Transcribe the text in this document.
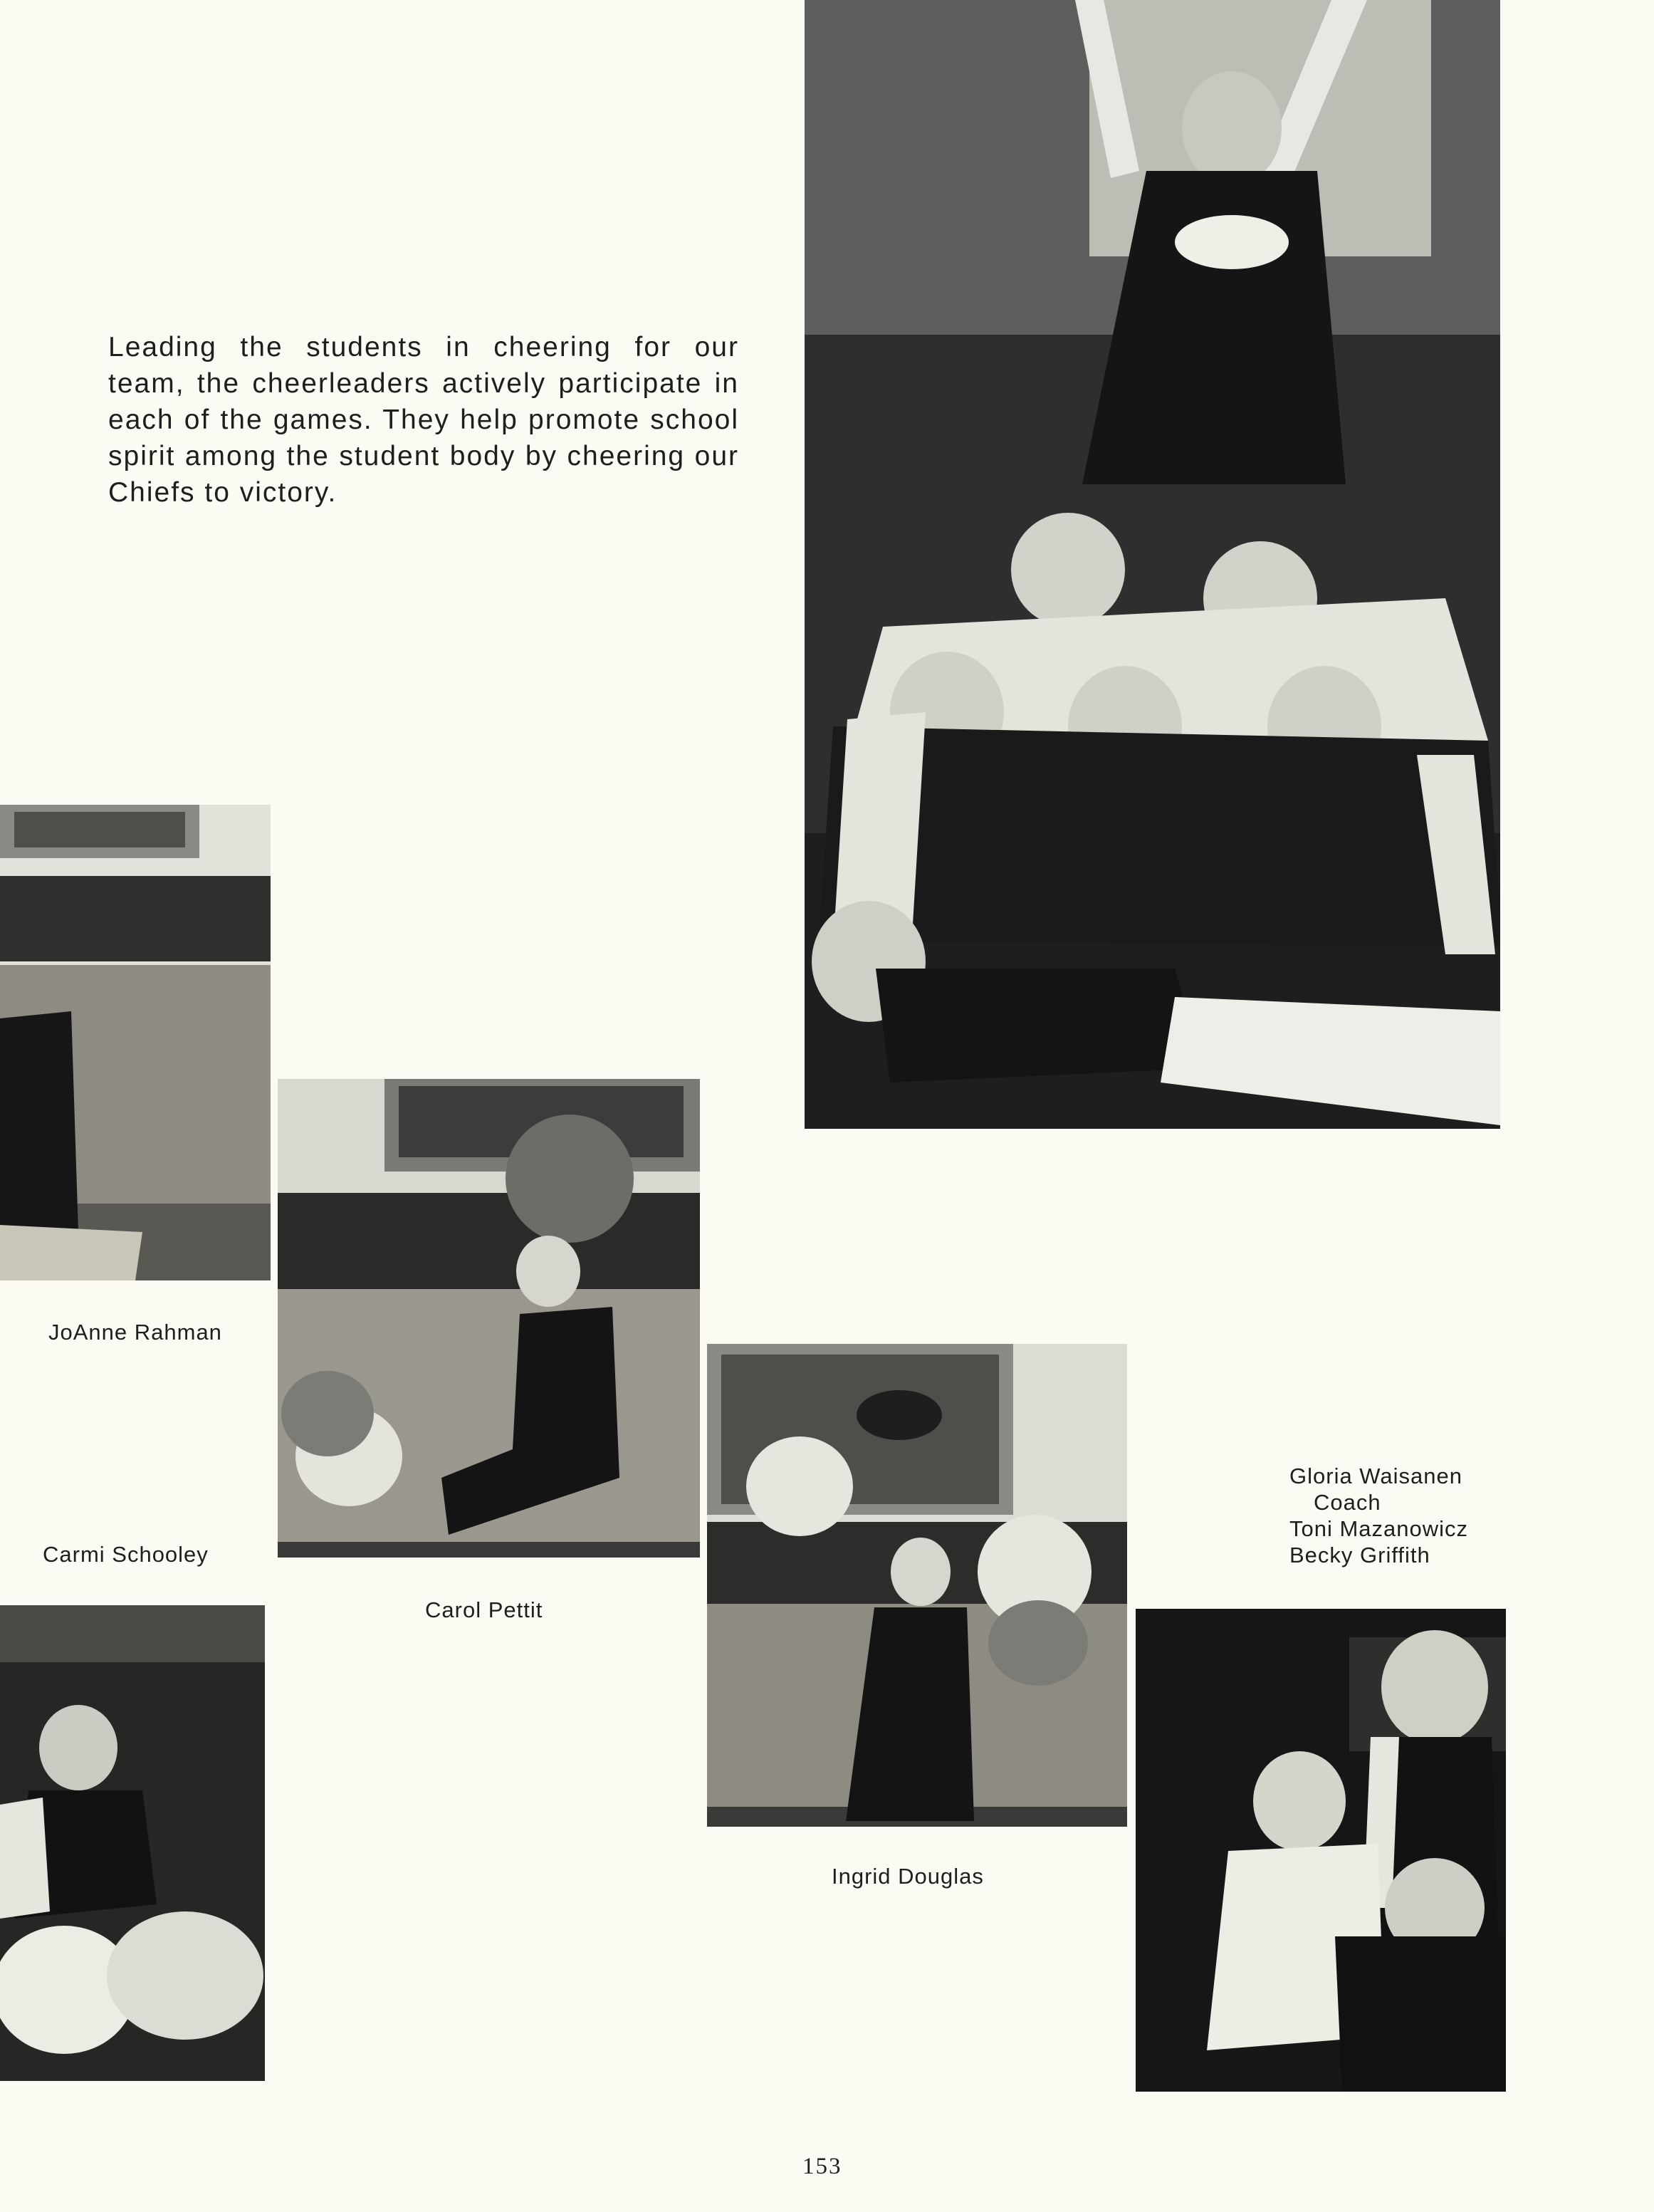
Leading the students in cheering for our team, the cheerleaders actively participate in each of the games. They help promote school spirit among the student body by cheering our Chiefs to victory.

JoAnne Rahman
Carol Pettit
Carmi Schooley
Ingrid Douglas
Gloria Waisanen
Coach
Toni Mazanowicz
Becky Griffith
153
